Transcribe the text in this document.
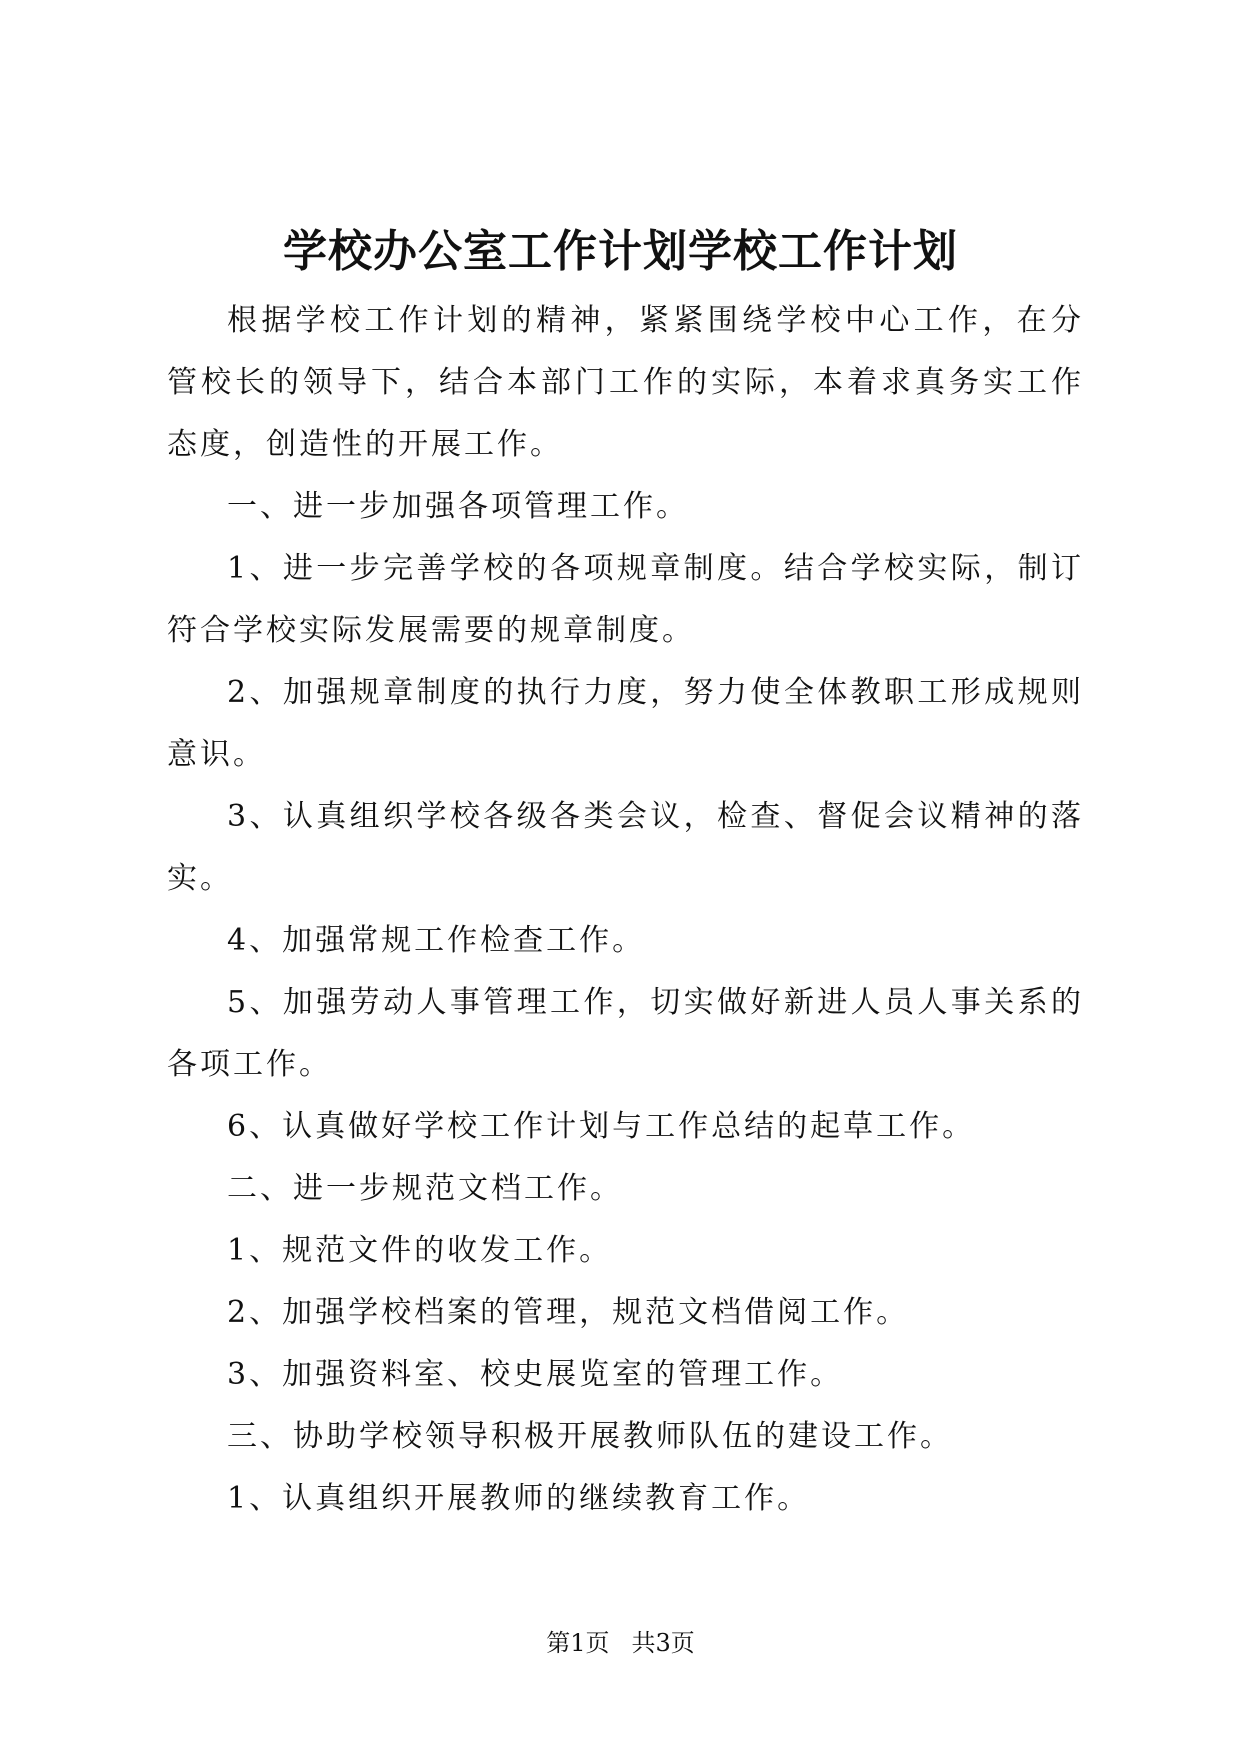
学校办公室工作计划学校工作计划

根据学校工作计划的精神，紧紧围绕学校中心工作，在分管校长的领导下，结合本部门工作的实际，本着求真务实工作态度，创造性的开展工作。

一、进一步加强各项管理工作。

1、进一步完善学校的各项规章制度。结合学校实际，制订符合学校实际发展需要的规章制度。

2、加强规章制度的执行力度，努力使全体教职工形成规则意识。

3、认真组织学校各级各类会议，检查、督促会议精神的落实。

4、加强常规工作检查工作。

5、加强劳动人事管理工作，切实做好新进人员人事关系的各项工作。

6、认真做好学校工作计划与工作总结的起草工作。

二、进一步规范文档工作。

1、规范文件的收发工作。

2、加强学校档案的管理，规范文档借阅工作。

3、加强资料室、校史展览室的管理工作。

三、协助学校领导积极开展教师队伍的建设工作。

1、认真组织开展教师的继续教育工作。

第1页 共3页
